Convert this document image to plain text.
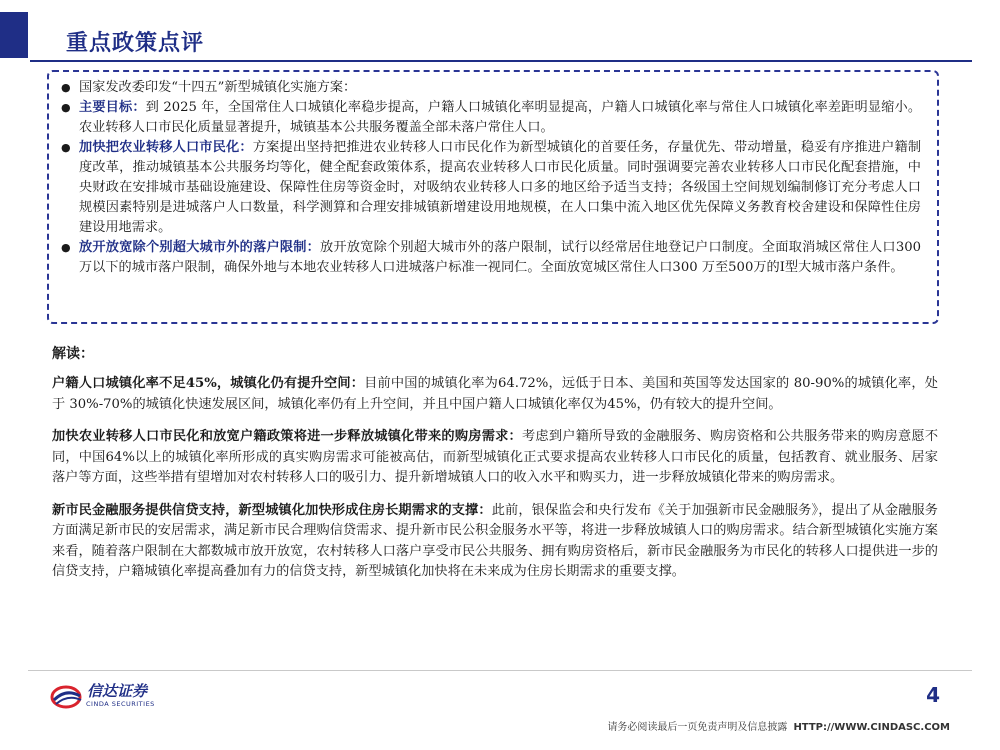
重点政策点评
● 国家发改委印发“十四五”新型城镇化实施方案：
● 主要目标：到 2025 年，全国常住人口城镇化率稳步提高，户籍人口城镇化率明显提高，户籍人口城镇化率与常住人口城镇化率差距明显缩小。农业转移人口市民化质量显著提升，城镇基本公共服务覆盖全部未落户常住人口。
● 加快把农业转移人口市民化：方案提出坚持把推进农业转移人口市民化作为新型城镇化的首要任务，存量优先、带动增量，稳妥有序推进户籍制度改革，推动城镇基本公共服务均等化，健全配套政策体系，提高农业转移人口市民化质量。同时强调要完善农业转移人口市民化配套措施，中央财政在安排城市基础设施建设、保障性住房等资金时，对吸纳农业转移人口多的地区给予适当支持；各级国土空间规划编制修订充分考虑人口规模因素特别是进城落户人口数量，科学测算和合理安排城镇新增建设用地规模，在人口集中流入地区优先保障义务教育校舍建设和保障性住房建设用地需求。
● 放开放宽除个别超大城市外的落户限制：放开放宽除个别超大城市外的落户限制，试行以经常居住地登记户口制度。全面取消城区常住人口300 万以下的城市落户限制，确保外地与本地农业转移人口进城落户标准一视同仁。全面放宽城区常住人口300 万至500万的I型大城市落户条件。

解读：

户籍人口城镇化率不足45%，城镇化仍有提升空间：目前中国的城镇化率为64.72%，远低于日本、美国和英国等发达国家的 80-90%的城镇化率，处于 30%-70%的城镇化快速发展区间，城镇化率仍有上升空间，并且中国户籍人口城镇化率仅为45%，仍有较大的提升空间。

加快农业转移人口市民化和放宽户籍政策将进一步释放城镇化带来的购房需求：考虑到户籍所导致的金融服务、购房资格和公共服务带来的购房意愿不同，中国64%以上的城镇化率所形成的真实购房需求可能被高估，而新型城镇化正式要求提高农业转移人口市民化的质量，包括教育、就业服务、居家落户等方面，这些举措有望增加对农村转移人口的吸引力、提升新增城镇人口的收入水平和购买力，进一步释放城镇化带来的购房需求。

新市民金融服务提供信贷支持，新型城镇化加快形成住房长期需求的支撑：此前，银保监会和央行发布《关于加强新市民金融服务》，提出了从金融服务方面满足新市民的安居需求，满足新市民合理购信贷需求、提升新市民公积金服务水平等，将进一步释放城镇人口的购房需求。结合新型城镇化实施方案来看，随着落户限制在大都数城市放开放宽，农村转移人口落户享受市民公共服务、拥有购房资格后，新市民金融服务为市民化的转移人口提供进一步的信贷支持，户籍城镇化率提高叠加有力的信贷支持，新型城镇化加快将在未来成为住房长期需求的重要支撑。

信达证券
CINDA SECURITIES	4
请务必阅读最后一页免责声明及信息披露 HTTP://WWW.CINDASC.COM
